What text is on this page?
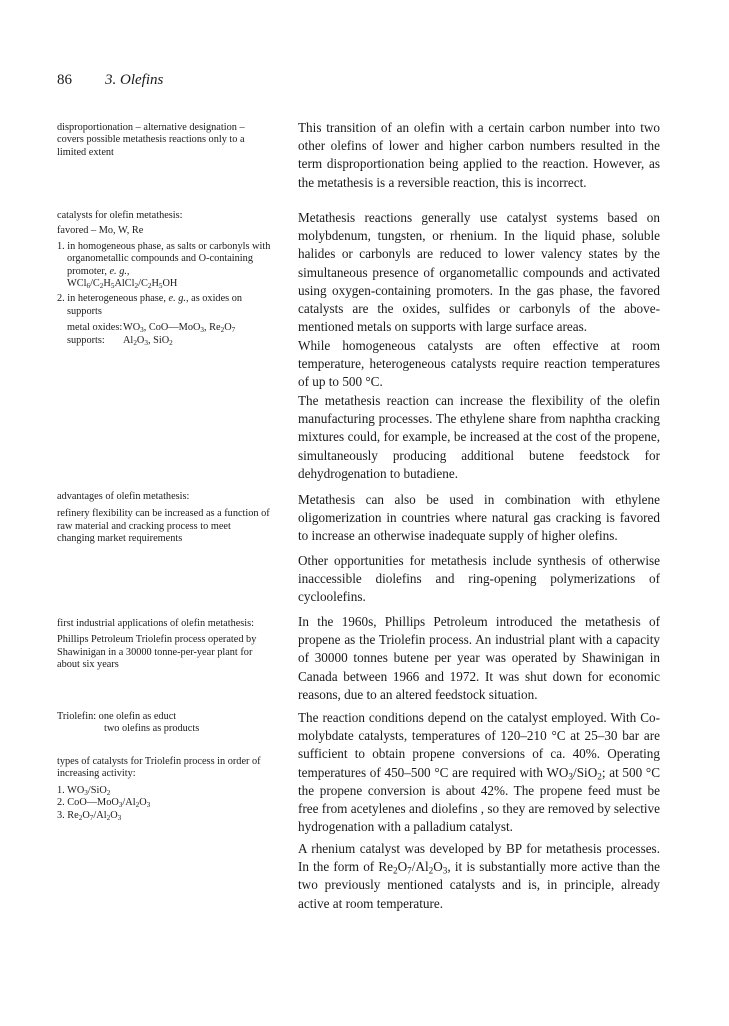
86 3. Olefins

disproportionation – alternative designation – covers possible metathesis reactions only to a limited extent

catalysts for olefin metathesis:

favored – Mo, W, Re

1. in homogeneous phase, as salts or carbonyls with organometallic compounds and O-containing promoter, e. g.,
$WCl_6/C_2H_5AlCl_2/C_2H_5OH$

2. in heterogeneous phase, e. g., as oxides on supports

metal $oxides:WO_3$, CoO—MoO$_3$, $Re_2O_7$

supports: $Al_2O_3$, SiO$_2$

advantages of olefin metathesis:

refinery flexibility can be increased as a function of raw material and cracking process to meet changing market requirements

first industrial applications of olefin metathesis:

Phillips Petroleum Triolefin process operated by Shawinigan in a 30000 tonne-per-year plant for about six years

Triolefin: one olefin as educt

two olefins as products

types of catalysts for Triolefin process in order of increasing activity:

1. $WO_3/SiO_2$

2. $CoO—MoO_3/Al_2O_3$

3. $Re_2O_7/Al_2O_3$

This transition of an olefin with a certain carbon number into two other olefins of lower and higher carbon numbers resulted in the term disproportionation being applied to the reaction. However, as the metathesis is a reversible reaction, this is incorrect.

Metathesis reactions generally use catalyst systems based on molybdenum, tungsten, or rhenium. In the liquid phase, soluble halides or carbonyls are reduced to lower valency states by the simultaneous presence of organometallic compounds and activated using oxygen-containing promoters. In the gas phase, the favored catalysts are the oxides, sulfides or carbonyls of the above-mentioned metals on supports with large surface areas.

While homogeneous catalysts are often effective at room temperature, heterogeneous catalysts require reaction temperatures of up to 500 °C.

The metathesis reaction can increase the flexibility of the olefin manufacturing processes. The ethylene share from naphtha cracking mixtures could, for example, be increased at the cost of the propene, simultaneously producing additional butene feedstock for dehydrogenation to butadiene.

Metathesis can also be used in combination with ethylene oligomerization in countries where natural gas cracking is favored to increase an otherwise inadequate supply of higher olefins.

Other opportunities for metathesis include synthesis of otherwise inaccessible diolefins and ring-opening polymerizations of cycloolefins.

In the 1960s, Phillips Petroleum introduced the metathesis of propene as the Triolefin process. An industrial plant with a capacity of 30000 tonnes butene per year was operated by Shawinigan in Canada between 1966 and 1972. It was shut down for economic reasons, due to an altered feedstock situation.

The reaction conditions depend on the catalyst employed. With Co-molybdate catalysts, temperatures of 120–210 °C at 25–30 bar are sufficient to obtain propene conversions of ca. 40%. Operating temperatures of 450–500 °C are required with $WO_3/SiO_2$; at 500 °C the propene conversion is about 42%. The propene feed must be free from acetylenes and diolefins , so they are removed by selective hydrogenation with a palladium catalyst.

A rhenium catalyst was developed by BP for metathesis processes. In the form of $Re_2O_7/Al_2O_3$, it is substantially more active than the two previously mentioned catalysts and is, in principle, already active at room temperature.
